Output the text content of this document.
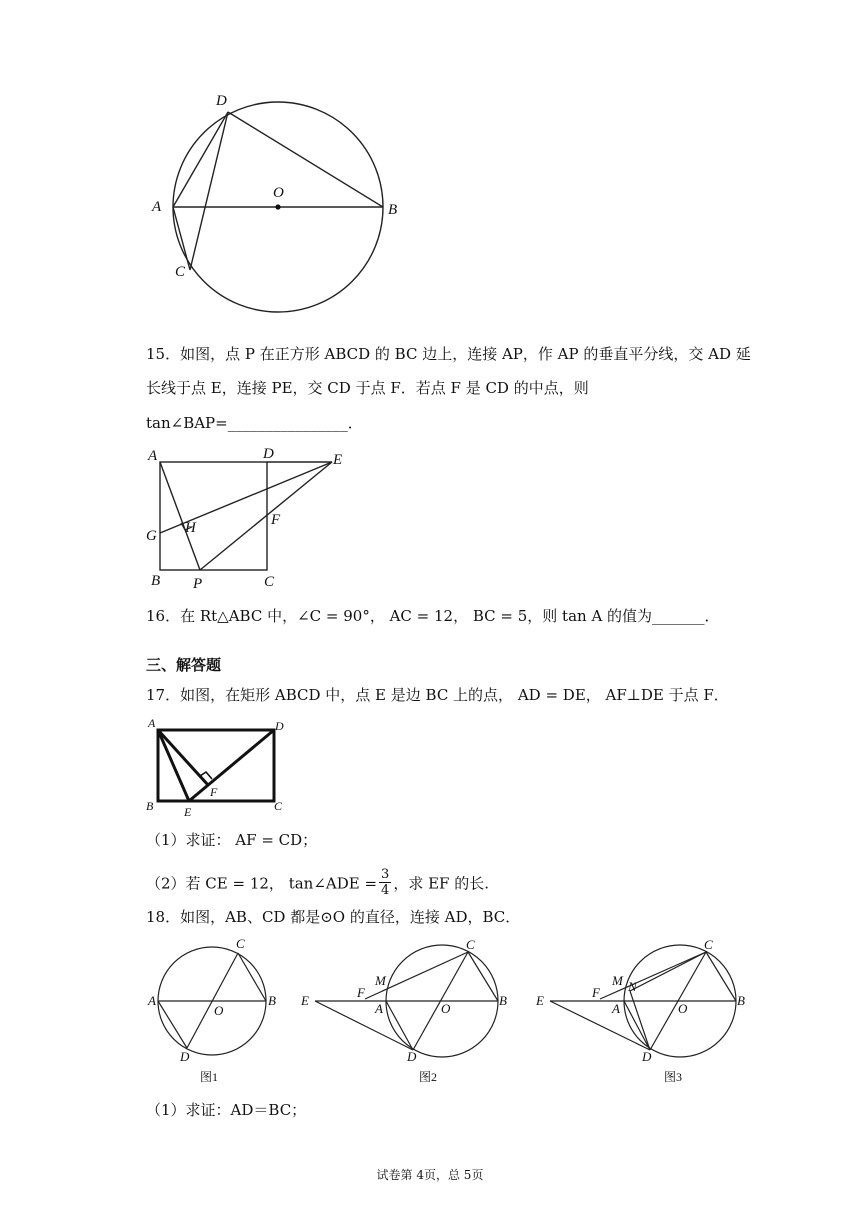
D
A
O
B
C
15．如图，点 P 在正方形 ABCD 的 BC 边上，连接 AP，作 AP 的垂直平分线，交 AD 延
长线于点 E，连接 PE，交 CD 于点 F．若点 F 是 CD 的中点，则
tan∠BAP=________________．
A	D	E
G H	F
B P	C
16．在 Rt△ABC 中，∠C = 90°， AC = 12， BC = 5，则 tan A 的值为_______．
三、解答题
17．如图，在矩形 ABCD 中，点 E 是边 BC 上的点， AD = DE， AF⊥DE 于点 F．
A	D
F
B	E	C
（1）求证： AF = CD；
（2）若 CE = 12， tan∠ADE = $\frac{3}{4}$ ，求 EF 的长.
18．如图，AB、CD 都是⊙O 的直径，连接 AD，BC．
A	B
C
D
O
图1
E
F
M
A	O
B
C
D
图2
E
F
M N
A	O
B
C
D
图3
（1）求证：AD＝BC；
试卷第 4页，总 5页
